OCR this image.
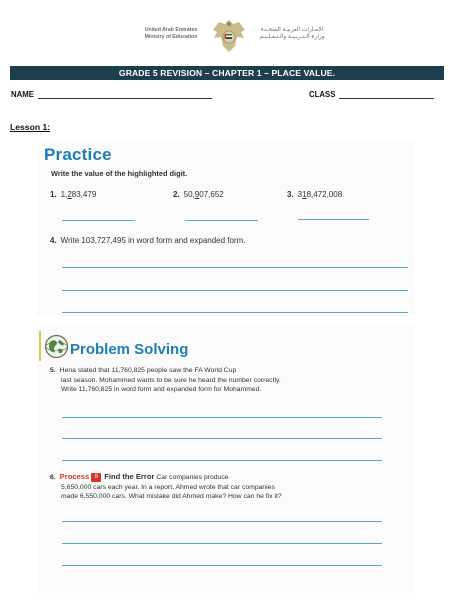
United Arab Emirates
Ministry of Education
الإمـارات العربيـة المتحـدة
وزارة الـتـربـيـة والـتـعـلـيـم
GRADE 5 REVISION – CHAPTER 1 – PLACE VALUE.
NAME	CLASS
Lesson 1:
Practice
Write the value of the highlighted digit.
1. 1,283,479	2. 50,907,652	3. 318,472,008
4. Write 103,727,495 in word form and expanded form.
Problem Solving
5. Hena stated that 11,760,825 people saw the FA World Cup
last season. Mohammed wants to be sure he heard the number correctly.
Write 11,760,825 in word form and expanded form for Mohammed.
6. Process 8 Find the Error Car companies produce
5,650,000 cars each year. In a report, Ahmed wrote that car companies
made 6,550,000 cars. What mistake did Ahmed make? How can he fix it?
